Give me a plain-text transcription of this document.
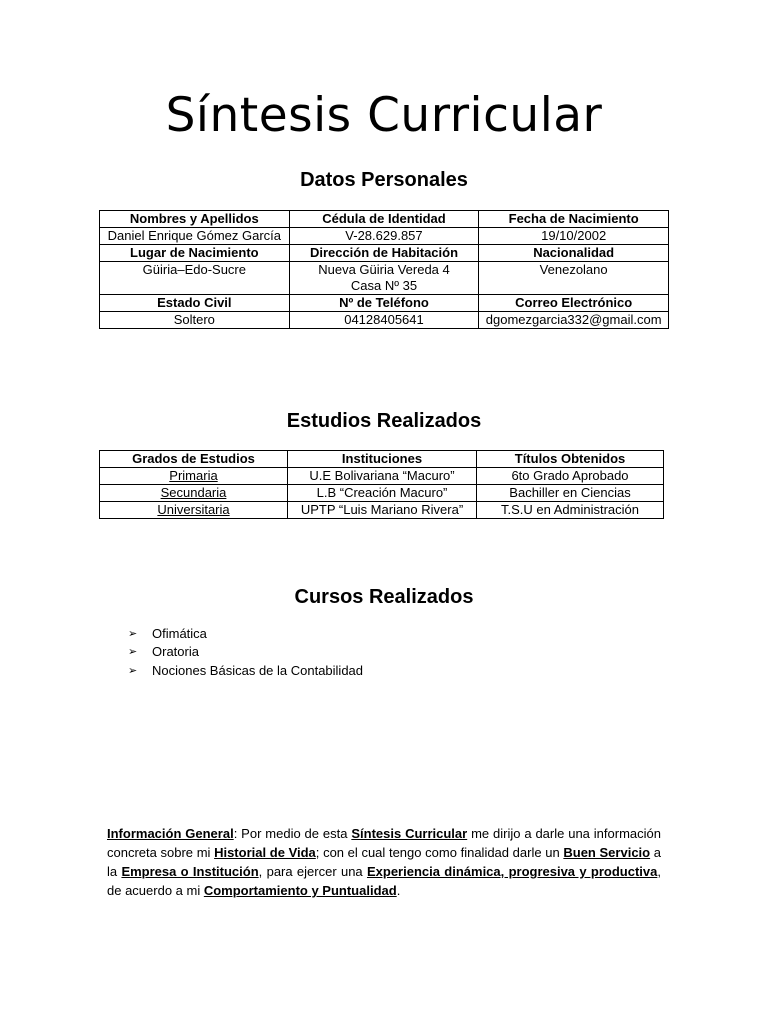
Síntesis Curricular
Datos Personales
Nombres y Apellidos	Cédula de Identidad	Fecha de Nacimiento
Daniel Enrique Gómez García	V-28.629.857	19/10/2002
Lugar de Nacimiento	Dirección de Habitación	Nacionalidad
Güiria–Edo-Sucre	Nueva Güiria Vereda 4 Casa Nº 35	Venezolano
Estado Civil	Nº de Teléfono	Correo Electrónico
Soltero	04128405641	dgomezgarcia332@gmail.com
Estudios Realizados
Grados de Estudios	Instituciones	Títulos Obtenidos
Primaria	U.E Bolivariana “Macuro”	6to Grado Aprobado
Secundaria	L.B “Creación Macuro”	Bachiller en Ciencias
Universitaria	UPTP “Luis Mariano Rivera”	T.S.U en Administración
Cursos Realizados
➢	Ofimática
➢	Oratoria
➢	Nociones Básicas de la Contabilidad
Información General: Por medio de esta Síntesis Curricular me dirijo a darle una información concreta sobre mi Historial de Vida; con el cual tengo como finalidad darle un Buen Servicio a la Empresa o Institución, para ejercer una Experiencia dinámica, progresiva y productiva, de acuerdo a mi Comportamiento y Puntualidad.
